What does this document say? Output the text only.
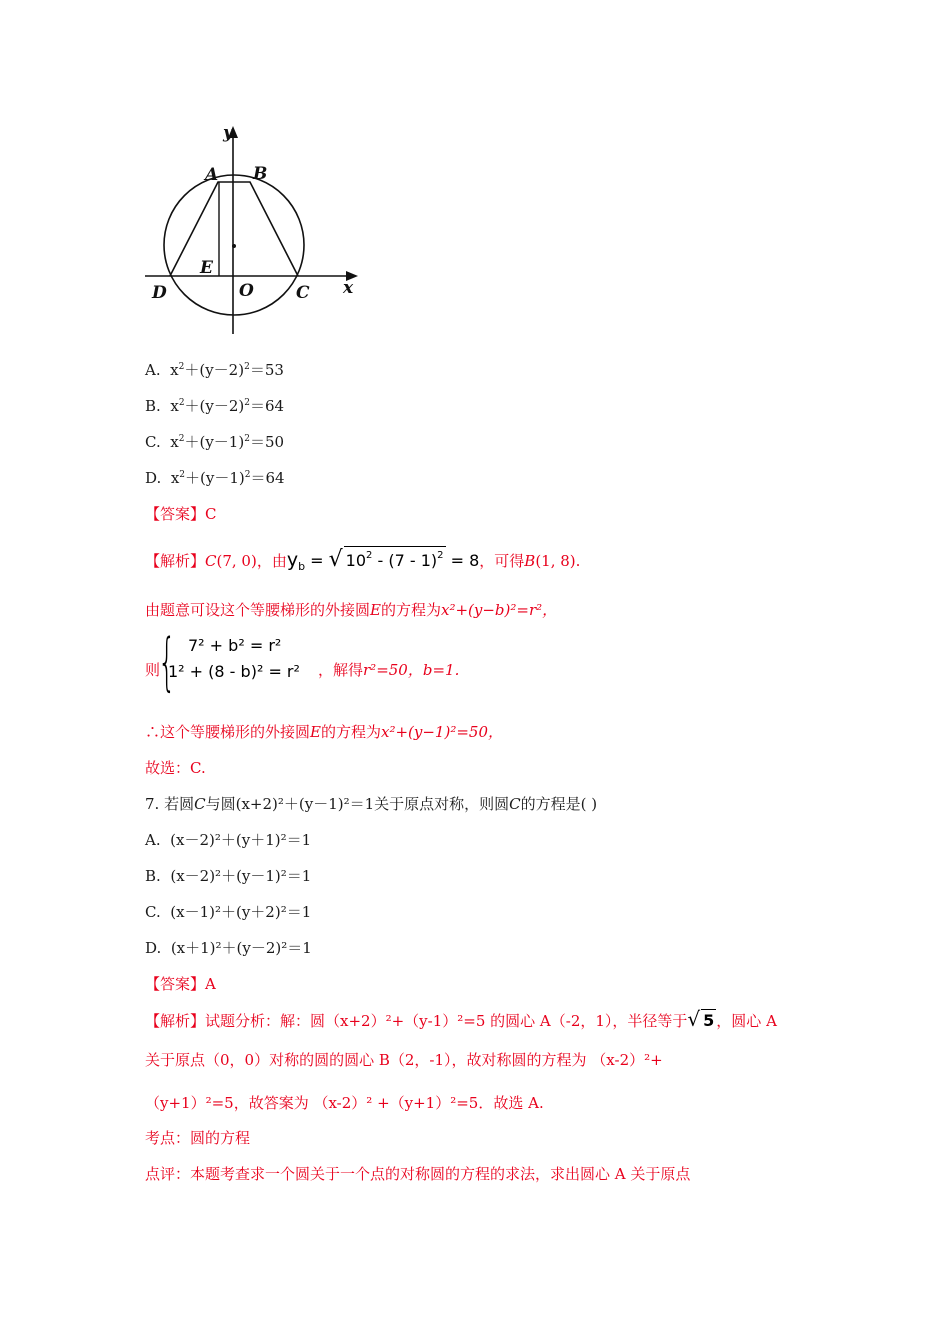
y
A B
E
D	O C x
A. $x^2+(y-2)^2=53$
B. $x^2+(y-2)^2=64$
C. $x^2+(y-1)^2=50$
D. $x^2+(y-1)^2=64$
【答案】C
【解析】C(7, 0)，由$y_b$ = √ $10^2 - (7 - 1)^2 = 8$，可得B(1, 8).
由题意可设这个等腰梯形的外接圆E的方程为x²+(y−b)²=r²，
则
{ 7² + b² = r²
1² + (8 - b)² = r² ，解得r²=50，b=1.
∴这个等腰梯形的外接圆E的方程为x²+(y−1)²=50，
故选：C.
7. 若圆C与圆(x+2)²＋(y－1)²＝1关于原点对称，则圆C的方程是( )
A. (x－2)²＋(y＋1)²＝1
B. (x－2)²＋(y－1)²＝1
C. (x－1)²＋(y＋2)²＝1
D. (x＋1)²＋(y－2)²＝1
【答案】A
【解析】试题分析：解：圆（x+2）²+（y-1）²=5 的圆心 A（-2，1），半径等于√ 5 ，圆心 A
关于原点（0，0）对称的圆的圆心 B（2，-1），故对称圆的方程为 （x-2）²+
（y+1）²=5，故答案为 （x-2）² +（y+1）²=5．故选 A.
考点：圆的方程
点评：本题考查求一个圆关于一个点的对称圆的方程的求法，求出圆心 A 关于原点
